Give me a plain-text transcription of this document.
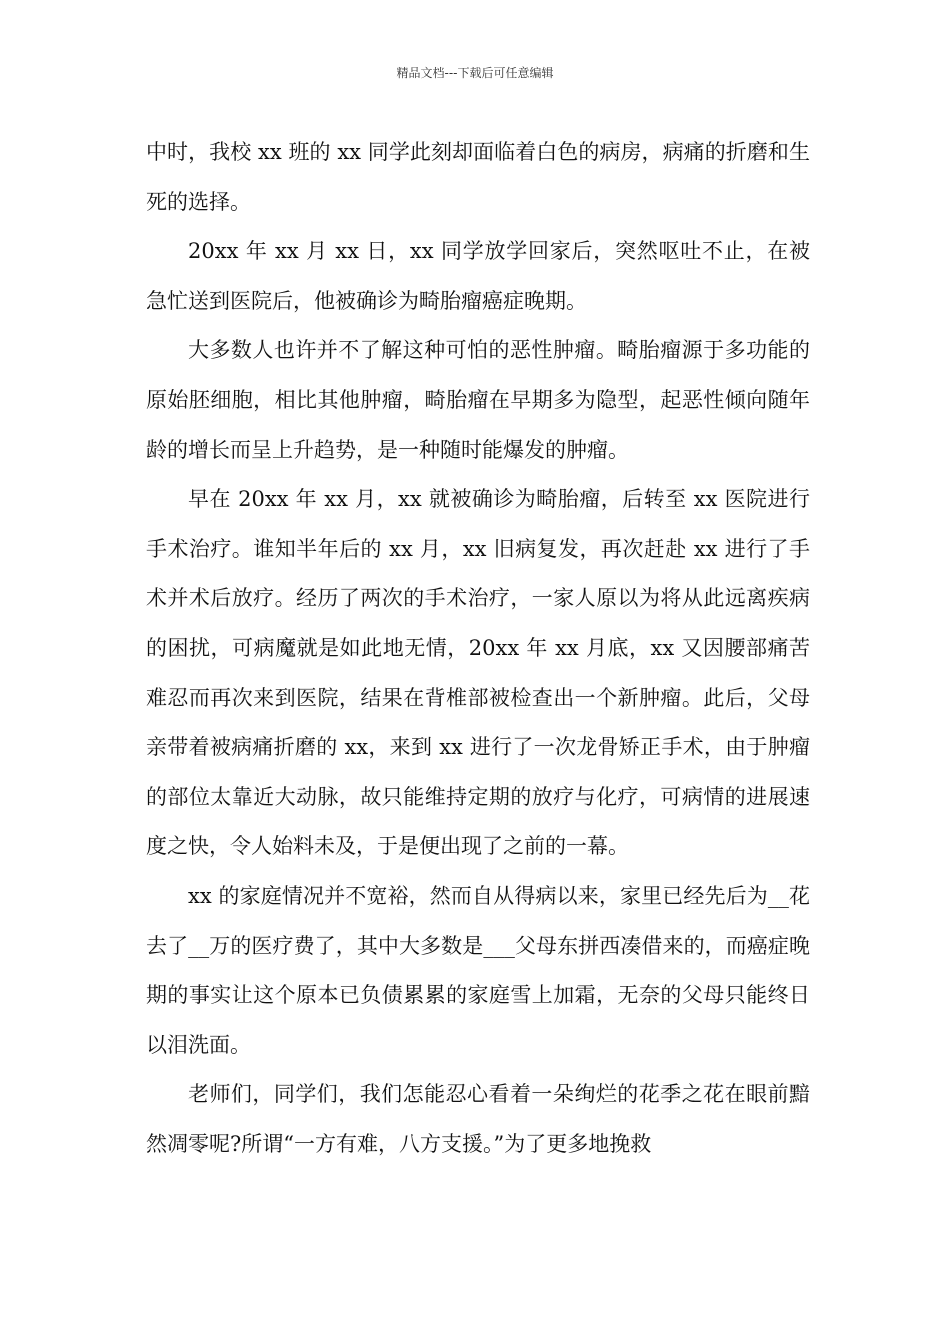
精品文档---下载后可任意编辑

中时，我校 xx 班的 xx 同学此刻却面临着白色的病房，病痛的折磨和生死的选择。

20xx 年 xx 月 xx 日，xx 同学放学回家后，突然呕吐不止，在被急忙送到医院后，他被确诊为畸胎瘤癌症晚期。

大多数人也许并不了解这种可怕的恶性肿瘤。畸胎瘤源于多功能的原始胚细胞，相比其他肿瘤，畸胎瘤在早期多为隐型，起恶性倾向随年龄的增长而呈上升趋势，是一种随时能爆发的肿瘤。

早在 20xx 年 xx 月，xx 就被确诊为畸胎瘤，后转至 xx 医院进行手术治疗。谁知半年后的 xx 月，xx 旧病复发，再次赶赴 xx 进行了手术并术后放疗。经历了两次的手术治疗，一家人原以为将从此远离疾病的困扰，可病魔就是如此地无情，20xx 年 xx 月底，xx 又因腰部痛苦难忍而再次来到医院，结果在背椎部被检查出一个新肿瘤。此后，父母亲带着被病痛折磨的 xx，来到 xx 进行了一次龙骨矫正手术，由于肿瘤的部位太靠近大动脉，故只能维持定期的放疗与化疗，可病情的进展速度之快，令人始料未及，于是便出现了之前的一幕。

xx 的家庭情况并不宽裕，然而自从得病以来，家里已经先后为__花去了__万的医疗费了，其中大多数是___父母东拼西凑借来的，而癌症晚期的事实让这个原本已负债累累的家庭雪上加霜，无奈的父母只能终日以泪洗面。

老师们，同学们，我们怎能忍心看着一朵绚烂的花季之花在眼前黯然凋零呢?所谓“一方有难，八方支援。”为了更多地挽救
